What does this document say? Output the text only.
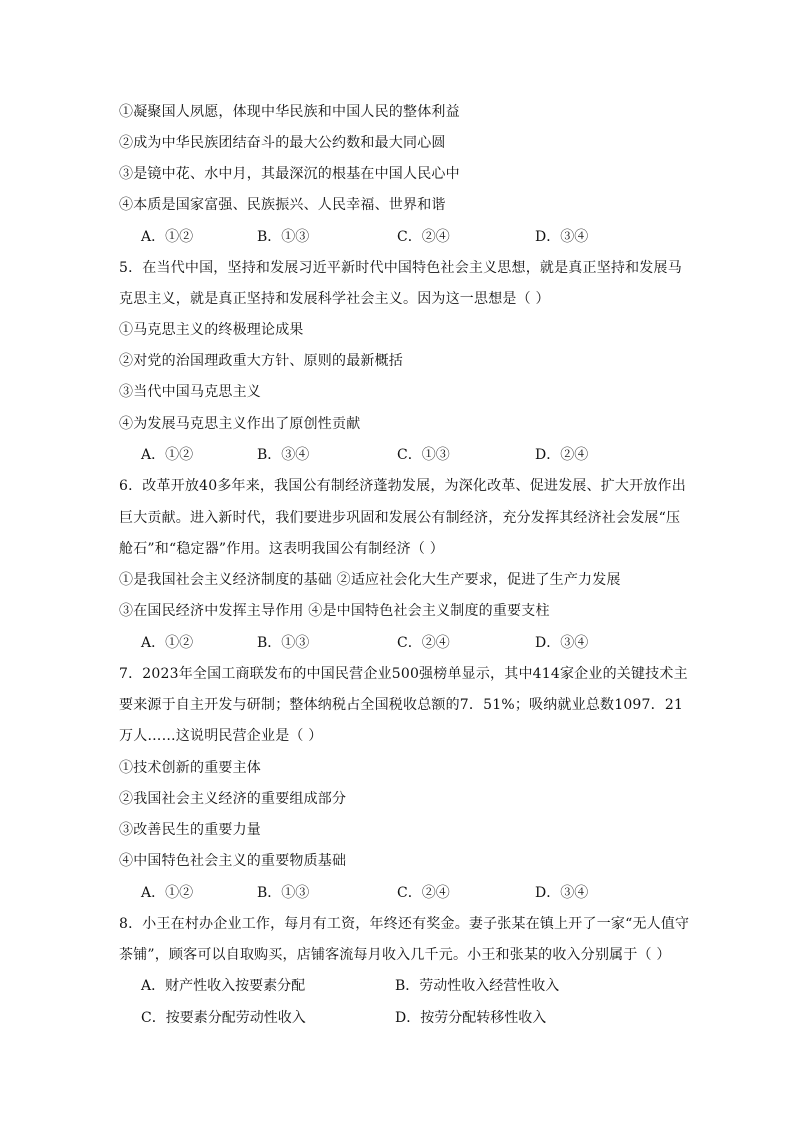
①凝聚国人夙愿，体现中华民族和中国人民的整体利益
②成为中华民族团结奋斗的最大公约数和最大同心圆
③是镜中花、水中月，其最深沉的根基在中国人民心中
④本质是国家富强、民族振兴、人民幸福、世界和谐
A．①②	B．①③	C．②④	D．③④
5．在当代中国，坚持和发展习近平新时代中国特色社会主义思想，就是真正坚持和发展马
克思主义，就是真正坚持和发展科学社会主义。因为这一思想是（ ）
①马克思主义的终极理论成果
②对党的治国理政重大方针、原则的最新概括
③当代中国马克思主义
④为发展马克思主义作出了原创性贡献
A．①②	B．③④	C．①③	D．②④
6．改革开放40多年来，我国公有制经济蓬勃发展，为深化改革、促进发展、扩大开放作出
巨大贡献。进入新时代，我们要进步巩固和发展公有制经济，充分发挥其经济社会发展“压
舱石”和“稳定器”作用。这表明我国公有制经济（ ）
①是我国社会主义经济制度的基础 ②适应社会化大生产要求，促进了生产力发展
③在国民经济中发挥主导作用 ④是中国特色社会主义制度的重要支柱
A．①②	B．①③	C．②④	D．③④
7．2023年全国工商联发布的中国民营企业500强榜单显示，其中414家企业的关键技术主
要来源于自主开发与研制；整体纳税占全国税收总额的7．51%；吸纳就业总数1097．21
万人……这说明民营企业是（ ）
①技术创新的重要主体
②我国社会主义经济的重要组成部分
③改善民生的重要力量
④中国特色社会主义的重要物质基础
A．①②	B．①③	C．②④	D．③④
8．小王在村办企业工作，每月有工资，年终还有奖金。妻子张某在镇上开了一家“无人值守
茶铺”，顾客可以自取购买，店铺客流每月收入几千元。小王和张某的收入分别属于（ ）
A．财产性收入按要素分配	B．劳动性收入经营性收入
C．按要素分配劳动性收入	D．按劳分配转移性收入
